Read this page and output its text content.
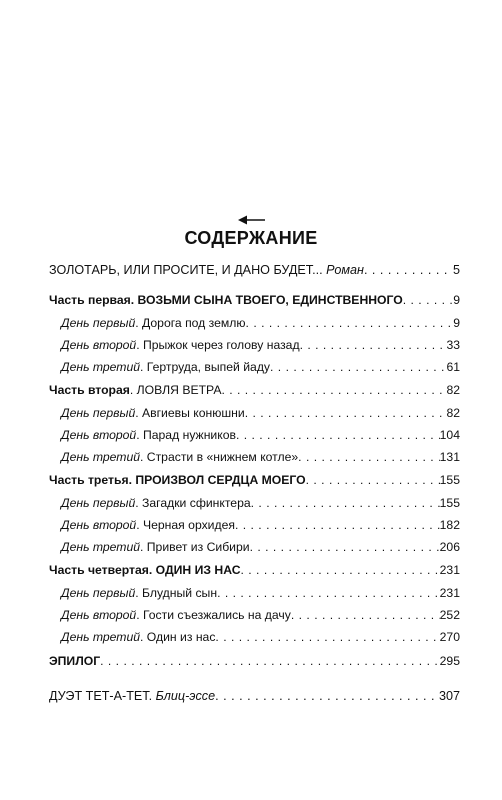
СОДЕРЖАНИЕ
ЗОЛОТАРЬ, ИЛИ ПРОСИТЕ, И ДАНО БУДЕТ... Роман . . .	5
Часть первая. ВОЗЬМИ СЫНА ТВОЕГО, ЕДИНСТВЕННОГО . . .	9
День первый. Дорога под землю . . .	9
День второй. Прыжок через голову назад . . .	33
День третий. Гертруда, выпей йаду . . .	61
Часть вторая. ЛОВЛЯ ВЕТРА . . .	82
День первый. Авгиевы конюшни . . .	82
День второй. Парад нужников . . .	104
День третий. Страсти в «нижнем котле» . . .	131
Часть третья. ПРОИЗВОЛ СЕРДЦА МОЕГО . . .	155
День первый. Загадки сфинктера . . .	155
День второй. Черная орхидея . . .	182
День третий. Привет из Сибири . . .	206
Часть четвертая. ОДИН ИЗ НАС . . .	231
День первый. Блудный сын . . .	231
День второй. Гости съезжались на дачу . . .	252
День третий. Один из нас . . .	270
ЭПИЛОГ . . .	295
ДУЭТ ТЕТ-А-ТЕТ. Блиц-эссе . . .	307
